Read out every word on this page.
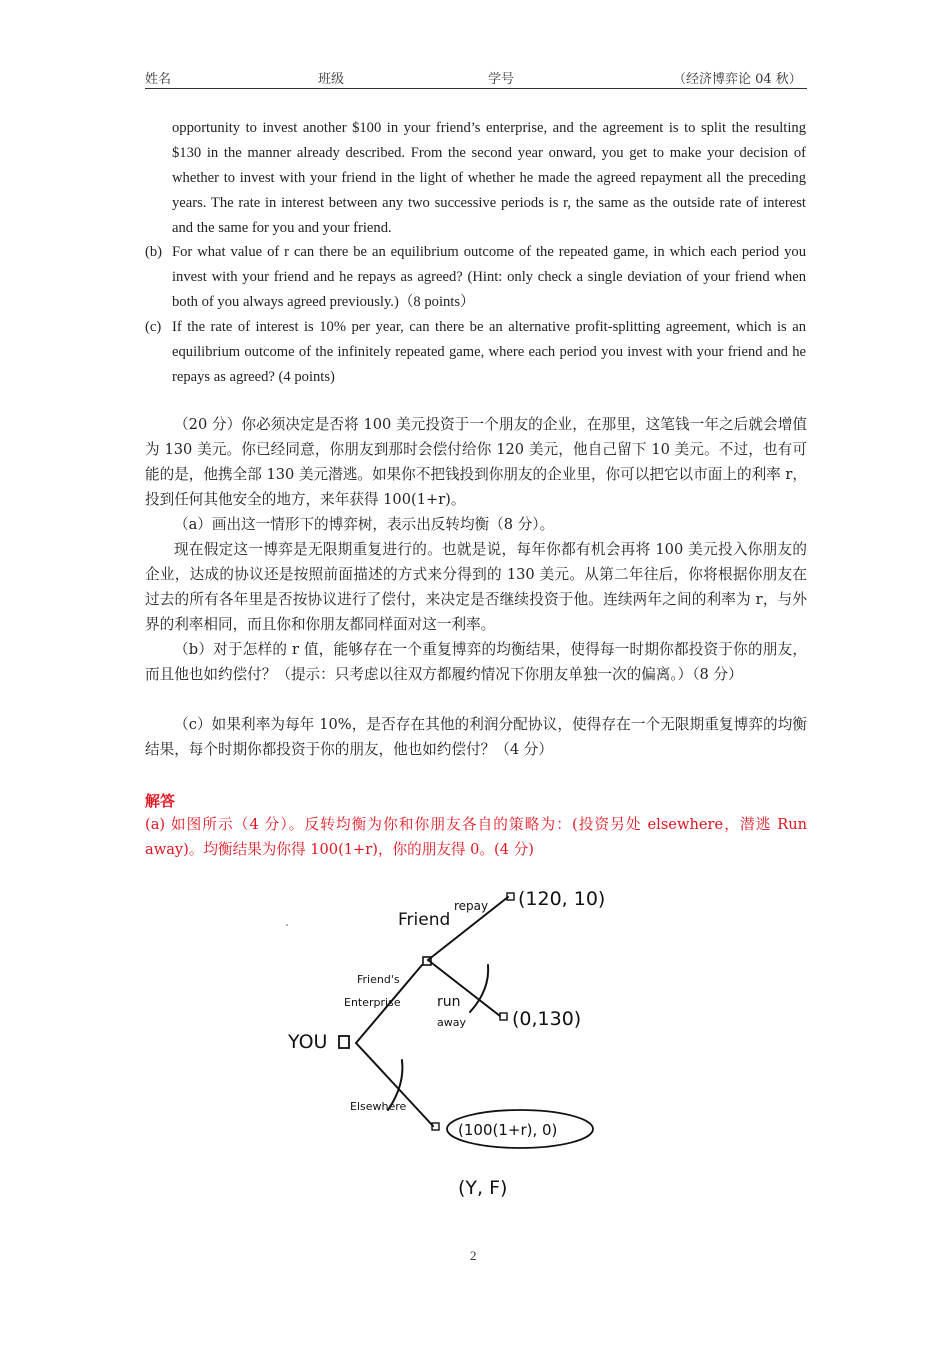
姓名	班级	学号	（经济博弈论 04 秋）
opportunity to invest another $100 in your friend’s enterprise, and the agreement is to split the resulting $130 in the manner already described. From the second year onward, you get to make your decision of whether to invest with your friend in the light of whether he made the agreed repayment all the preceding years. The rate in interest between any two successive periods is r, the same as the outside rate of interest and the same for you and your friend.
(b) For what value of r can there be an equilibrium outcome of the repeated game, in which each period you invest with your friend and he repays as agreed? (Hint: only check a single deviation of your friend when both of you always agreed previously.)（8 points）
(c) If the rate of interest is 10% per year, can there be an alternative profit-splitting agreement, which is an equilibrium outcome of the infinitely repeated game, where each period you invest with your friend and he repays as agreed? (4 points)
（20 分）你必须决定是否将 100 美元投资于一个朋友的企业，在那里，这笔钱一年之后就会增值为 130 美元。你已经同意，你朋友到那时会偿付给你 120 美元，他自己留下 10 美元。不过，也有可能的是，他携全部 130 美元潜逃。如果你不把钱投到你朋友的企业里，你可以把它以市面上的利率 r，投到任何其他安全的地方，来年获得 100(1+r)。
（a）画出这一情形下的博弈树，表示出反转均衡（8 分）。
现在假定这一博弈是无限期重复进行的。也就是说，每年你都有机会再将 100 美元投入你朋友的企业，达成的协议还是按照前面描述的方式来分得到的 130 美元。从第二年往后，你将根据你朋友在过去的所有各年里是否按协议进行了偿付，来决定是否继续投资于他。连续两年之间的利率为 r，与外界的利率相同，而且你和你朋友都同样面对这一利率。
（b）对于怎样的 r 值，能够存在一个重复博弈的均衡结果，使得每一时期你都投资于你的朋友，而且他也如约偿付？（提示：只考虑以往双方都履约情况下你朋友单独一次的偏离。）（8 分）
（c）如果利率为每年 10%，是否存在其他的利润分配协议，使得存在一个无限期重复博弈的均衡结果，每个时期你都投资于你的朋友，他也如约偿付？（4 分）
解答
(a) 如图所示（4 分）。反转均衡为你和你朋友各自的策略为：(投资另处 elsewhere，潜逃 Run away)。均衡结果为你得 100(1+r)，你的朋友得 0。(4 分)
YOU
Friend
Friend's
Enterprise
Elsewhere
repay
run
away
(120, 10)
(0,130)
(100(1+r), 0)
(Y, F)
2
